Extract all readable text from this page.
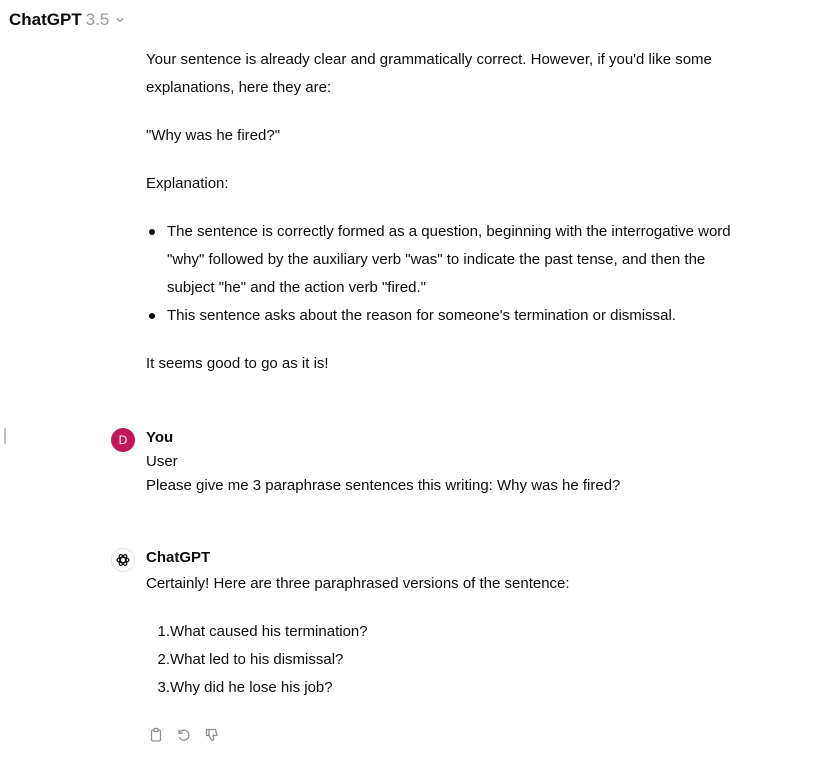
ChatGPT 3.5

Your sentence is already clear and grammatically correct. However, if you'd like some explanations, here they are:

"Why was he fired?"

Explanation:

The sentence is correctly formed as a question, beginning with the interrogative word "why" followed by the auxiliary verb "was" to indicate the past tense, and then the subject "he" and the action verb "fired."
This sentence asks about the reason for someone's termination or dismissal.

It seems good to go as it is!

D	You
User
Please give me 3 paraphrase sentences this writing: Why was he fired?
ChatGPT
Certainly! Here are three paraphrased versions of the sentence:
1. What caused his termination?
2. What led to his dismissal?
3. Why did he lose his job?
